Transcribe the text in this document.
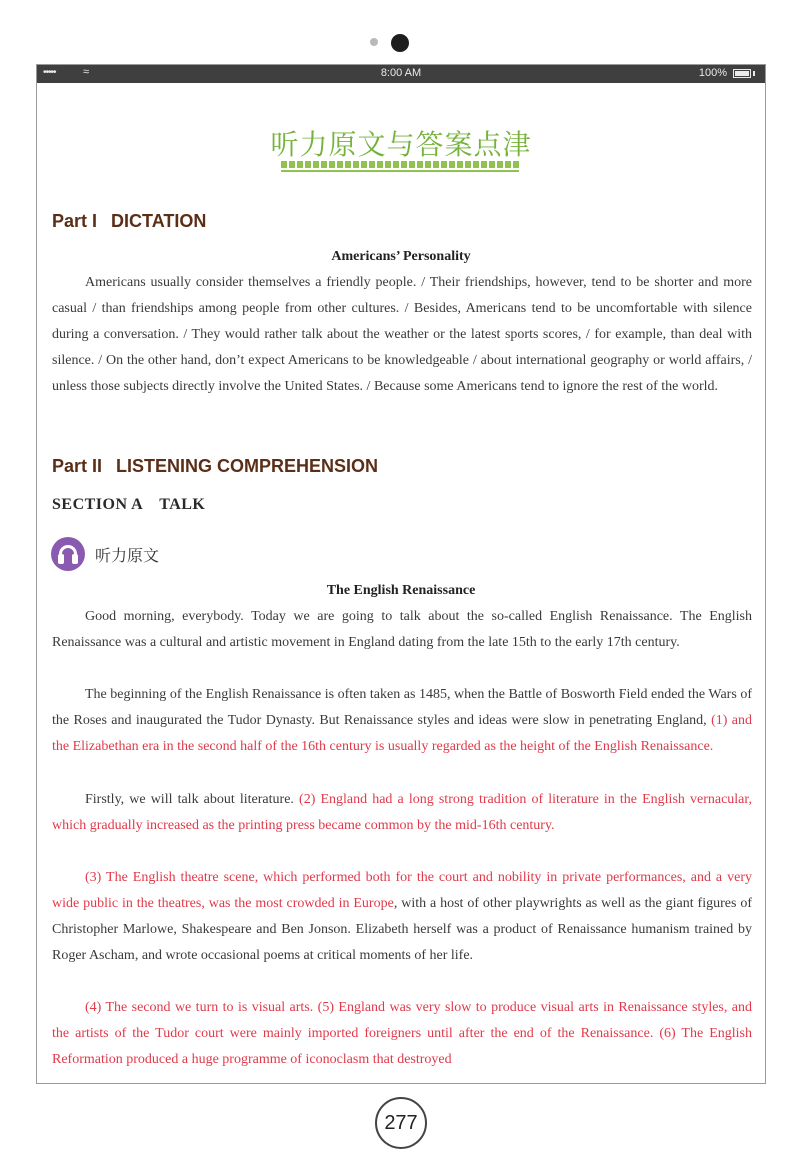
••••• ≈	8:00 AM	100%
听力原文与答案点津
Part I DICTATION
Americans’ Personality

Americans usually consider themselves a friendly people. / Their friendships, however, tend to be shorter and more casual / than friendships among people from other cultures. / Besides, Americans tend to be uncomfortable with silence during a conversation. / They would rather talk about the weather or the latest sports scores, / for example, than deal with silence. / On the other hand, don’t expect Americans to be knowledgeable / about international geography or world affairs, / unless those subjects directly involve the United States. / Because some Americans tend to ignore the rest of the world.

Part II LISTENING COMPREHENSION
SECTION A TALK
听力原文
The English Renaissance

Good morning, everybody. Today we are going to talk about the so-called English Renaissance. The English Renaissance was a cultural and artistic movement in England dating from the late 15th to the early 17th century.

The beginning of the English Renaissance is often taken as 1485, when the Battle of Bosworth Field ended the Wars of the Roses and inaugurated the Tudor Dynasty. But Renaissance styles and ideas were slow in penetrating England, (1) and the Elizabethan era in the second half of the 16th century is usually regarded as the height of the English Renaissance.

Firstly, we will talk about literature. (2) England had a long strong tradition of literature in the English vernacular, which gradually increased as the printing press became common by the mid-16th century.

(3) The English theatre scene, which performed both for the court and nobility in private performances, and a very wide public in the theatres, was the most crowded in Europe, with a host of other playwrights as well as the giant figures of Christopher Marlowe, Shakespeare and Ben Jonson. Elizabeth herself was a product of Renaissance humanism trained by Roger Ascham, and wrote occasional poems at critical moments of her life.

(4) The second we turn to is visual arts. (5) England was very slow to produce visual arts in Renaissance styles, and the artists of the Tudor court were mainly imported foreigners until after the end of the Renaissance. (6) The English Reformation produced a huge programme of iconoclasm that destroyed

277
